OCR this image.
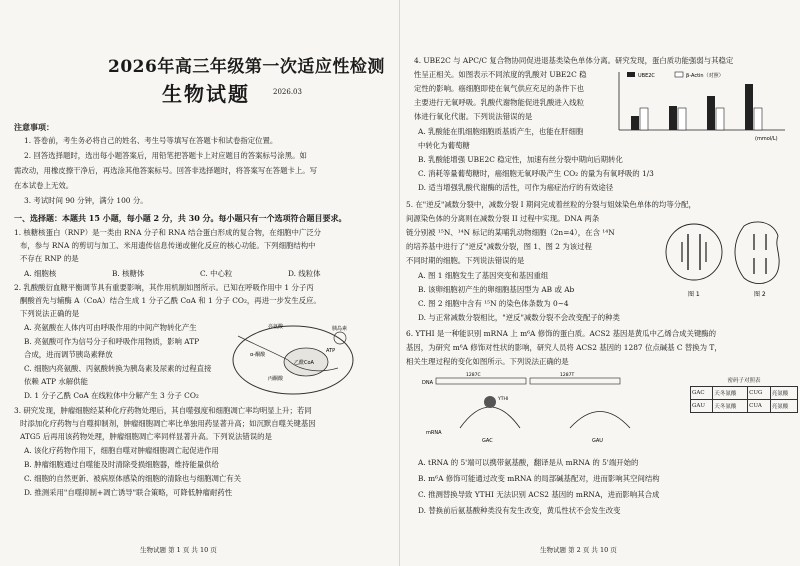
2026年高三年级第一次适应性检测
生物试题	2026.03
注意事项：
1. 答卷前，考生务必将自己的姓名、考生号等填写在答题卡和试卷指定位置。
2. 回答选择题时，选出每小题答案后，用铅笔把答题卡上对应题目的答案标号涂黑。如
需改动，用橡皮擦干净后，再选涂其他答案标号。回答非选择题时，将答案写在答题卡上。写
在本试卷上无效。
3. 考试时间 90 分钟，满分 100 分。
一、选择题：本题共 15 小题，每小题 2 分，共 30 分。每小题只有一个选项符合题目要求。
1. 核糖核蛋白（RNP）是一类由 RNA 分子和 RNA 结合蛋白形成的复合物，在细胞中广泛分
布，参与 RNA 的剪切与加工、米用遗传信息传递或催化反应的核心功能。下列细胞结构中
不存在 RNP 的是
A. 细胞核	B. 核糖体	C. 中心粒	D. 线粒体
2. 乳酸酸衍血糖平衡调节具有重要影响，其作用机制如图所示。已知在呼吸作用中 1 分子丙
酮酸首先与辅酶 A（CoA）结合生成 1 分子乙酰 CoA 和 1 分子 CO₂，再进一步发生反应。
下列说法正确的是
A. 亮氨酸在人体内可由呼吸作用的中间产物转化产生
B. 亮氨酸可作为信号分子和呼吸作用物质，影响 ATP
合成，进而调节胰岛素释放
C. 细胞内亮氨酸、丙氨酸转换为胰岛素及尿素的过程直接
依赖 ATP 水解供能
D. 1 分子乙酰 CoA 在线粒体中分解产生 3 分子 CO₂
亮氨酸
α-酮酸
丙酮酸
乙酰CoA
ATP
胰岛素
3. 研究发现，肿瘤细胞经某种化疗药物处理后，其自噬强度和细胞凋亡率均明显上升；若同
时添加化疗药物与自噬抑制剂，肿瘤细胞凋亡率比单独用药显著升高；如沉默自噬关键基因
ATG5 后再用该药物处理，肿瘤细胞凋亡率同样显著升高。下列说法错误的是
A. 该化疗药物作用下，细胞自噬对肿瘤细胞凋亡起促进作用
B. 肿瘤细胞通过自噬能及时清除受损细胞器，维持能量供给
C. 细胞的自然更新、被病原体感染的细胞的清除也与细胞凋亡有关
D. 推测采用"自噬抑制+凋亡诱导"联合策略，可降低肿瘤耐药性
生物试题 第 1 页 共 10 页
4. UBE2C 与 APC/C 复合物协同促进退基类染色单体分离。研究发现，蛋白质功能强弱与其稳定
性呈正相关。如图表示不同浓度的乳酸对 UBE2C 稳
定性的影响。癌细胞即使在氧气供应充足的条件下也
主要进行无氧呼吸。乳酸代谢物能促进乳酸进入线粒
体进行氧化代谢。下列说法错误的是
A. 乳酸能在肌细胞细胞质基质产生，也能在肝细胞
中转化为葡萄糖
B. 乳酸能增强 UBE2C 稳定性，加速有丝分裂中期向后期转化
C. 消耗等量葡萄糖时，癌细胞无氧呼吸产生 CO₂ 的量为有氧呼吸的 1/3
D. 适当增强乳酸代谢酶的活性，可作为癌症治疗的有效途径
UBE2C	β-Actin（对照）
(mmol/L)
5. 在"逆反"减数分裂中，减数分裂 I 期间完成着丝粒的分裂与姐妹染色单体的均等分配，
间源染色体的分离则在减数分裂 II 过程中实现。DNA 两条
链分别被 ¹⁵N、¹⁴N 标记的某哺乳动物细胞（2n=4），在含 ¹⁴N
的培养基中进行了"逆反"减数分裂，图 1、图 2 为该过程
不同时期的细胞。下列说法错误的是
A. 图 1 细胞发生了基因突变和基因重组
B. 该卵细胞初产生的卵细胞基因型为 AB 或 Ab
C. 图 2 细胞中含有 ¹⁵N 的染色体条数为 0~4
D. 与正常减数分裂相比，"逆反"减数分裂不会改变配子的种类
图 1	图 2
6. YTHI 是一种能识别 mRNA 上 m⁶A 修饰的蛋白质。ACS2 基因是黄瓜中乙烯合成关键酶的
基因，为研究 m⁶A 修饰对性状的影响，研究人员将 ACS2 基因的 1287 位点碱基 C 替换为 T，
相关生理过程的变化如图所示。下列说法正确的是
DNA
1287C	1287T
mRNA
GAC	GAU
YTHI
密码子对照表
GAC	天冬氨酸	CUG	亮氨酸
GAU	天冬氨酸	CUA	亮氨酸
A. tRNA 的 5'端可以携带氨基酸，翻译是从 mRNA 的 5'端开始的
B. m⁶A 修饰可能通过改变 mRNA 的局部碱基配对，进而影响其空间结构
C. 推测替换导致 YTHI 无法识别 ACS2 基因的 mRNA，进而影响其合成
D. 替换前后氨基酸种类没有发生改变，黄瓜性状不会发生改变
生物试题 第 2 页 共 10 页
